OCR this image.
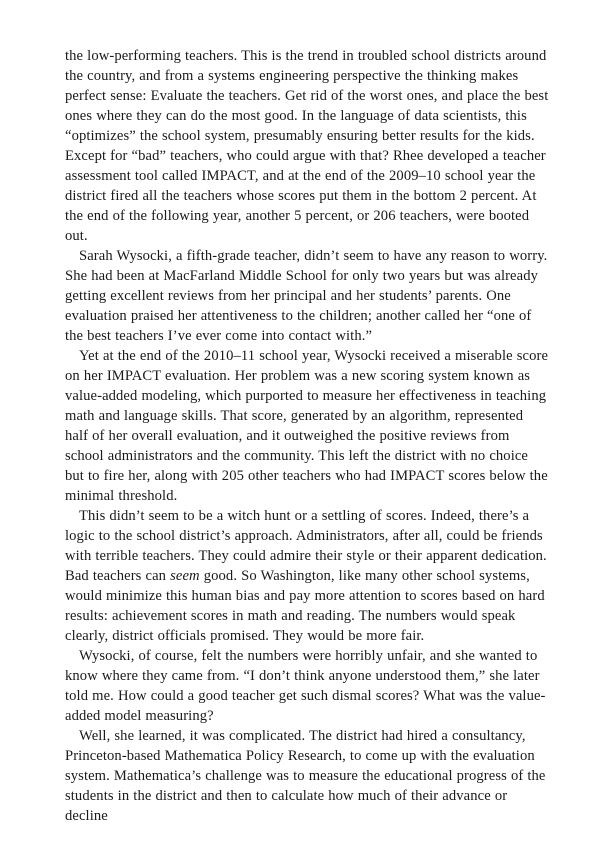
the low-performing teachers. This is the trend in troubled school districts around the country, and from a systems engineering perspective the thinking makes perfect sense: Evaluate the teachers. Get rid of the worst ones, and place the best ones where they can do the most good. In the language of data scientists, this “optimizes” the school system, presumably ensuring better results for the kids. Except for “bad” teachers, who could argue with that? Rhee developed a teacher assessment tool called IMPACT, and at the end of the 2009–10 school year the district fired all the teachers whose scores put them in the bottom 2 percent. At the end of the following year, another 5 percent, or 206 teachers, were booted out.

Sarah Wysocki, a fifth-grade teacher, didn’t seem to have any reason to worry. She had been at MacFarland Middle School for only two years but was already getting excellent reviews from her principal and her students’ parents. One evaluation praised her attentiveness to the children; another called her “one of the best teachers I’ve ever come into contact with.”

Yet at the end of the 2010–11 school year, Wysocki received a miserable score on her IMPACT evaluation. Her problem was a new scoring system known as value-added modeling, which purported to measure her effectiveness in teaching math and language skills. That score, generated by an algorithm, represented half of her overall evaluation, and it outweighed the positive reviews from school administrators and the community. This left the district with no choice but to fire her, along with 205 other teachers who had IMPACT scores below the minimal threshold.

This didn’t seem to be a witch hunt or a settling of scores. Indeed, there’s a logic to the school district’s approach. Administrators, after all, could be friends with terrible teachers. They could admire their style or their apparent dedication. Bad teachers can seem good. So Washington, like many other school systems, would minimize this human bias and pay more attention to scores based on hard results: achievement scores in math and reading. The numbers would speak clearly, district officials promised. They would be more fair.

Wysocki, of course, felt the numbers were horribly unfair, and she wanted to know where they came from. “I don’t think anyone understood them,” she later told me. How could a good teacher get such dismal scores? What was the value-added model measuring?

Well, she learned, it was complicated. The district had hired a consultancy, Princeton-based Mathematica Policy Research, to come up with the evaluation system. Mathematica’s challenge was to measure the educational progress of the students in the district and then to calculate how much of their advance or decline
